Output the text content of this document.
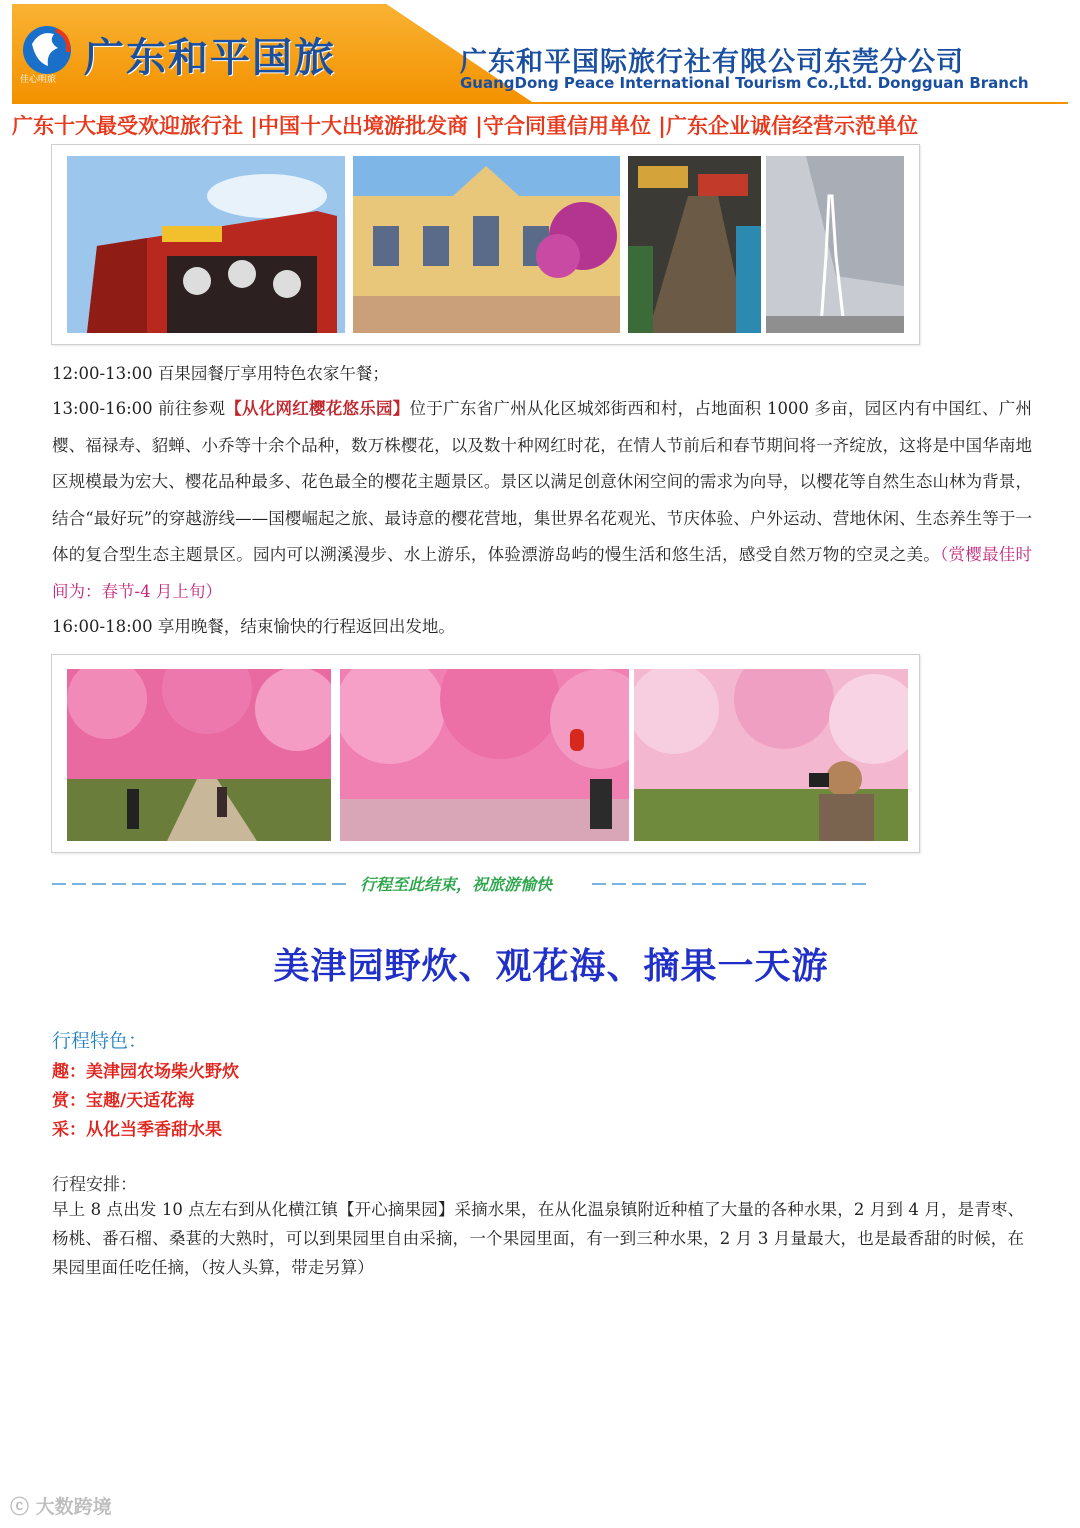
佳心明旅 广东和平国旅	广东和平国际旅行社有限公司东莞分公司
GuangDong Peace International Tourism Co.,Ltd. Dongguan Branch
广东十大最受欢迎旅行社 |中国十大出境游批发商 |守合同重信用单位 |广东企业诚信经营示范单位
12:00-13:00 百果园餐厅享用特色农家午餐；
13:00-16:00 前往参观【从化网红樱花悠乐园】位于广东省广州从化区城郊街西和村，占地面积 1000 多亩，园区内有中国红、广州樱、福禄寿、貂蝉、小乔等十余个品种，数万株樱花，以及数十种网红时花，在情人节前后和春节期间将一齐绽放，这将是中国华南地区规模最为宏大、樱花品种最多、花色最全的樱花主题景区。景区以满足创意休闲空间的需求为向导，以樱花等自然生态山林为背景，结合“最好玩”的穿越游线——国樱崛起之旅、最诗意的樱花营地，集世界名花观光、节庆体验、户外运动、营地休闲、生态养生等于一体的复合型生态主题景区。园内可以溯溪漫步、水上游乐，体验漂游岛屿的慢生活和悠生活，感受自然万物的空灵之美。（赏樱最佳时间为：春节-4 月上旬）
16:00-18:00 享用晚餐，结束愉快的行程返回出发地。
行程至此结束，祝旅游愉快
美津园野炊、观花海、摘果一天游
行程特色：
趣：美津园农场柴火野炊
赏：宝趣/天适花海
采：从化当季香甜水果
行程安排：
早上 8 点出发 10 点左右到从化横江镇【开心摘果园】采摘水果，在从化温泉镇附近种植了大量的各种水果，2 月到 4 月，是青枣、杨桃、番石榴、桑葚的大熟时，可以到果园里自由采摘，一个果园里面，有一到三种水果，2 月 3 月量最大，也是最香甜的时候，在果园里面任吃任摘，（按人头算，带走另算）
ⓒ 大数跨境
